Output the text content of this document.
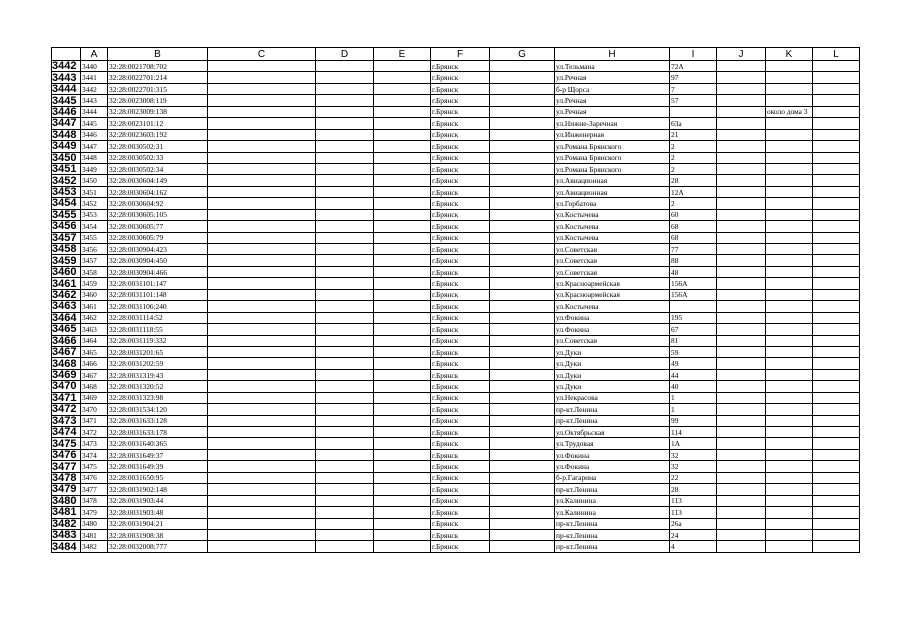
	A	B	C	D	E	F	G	H	I	J	K	L
3442	3440	32:28:0021708:702				г.Брянск		ул.Тельмана	72А			
3443	3441	32:28:0022701:214				г.Брянск		ул.Речная	97			
3444	3442	32:28:0022701:315				г.Брянск		б-р Щорса	7			
3445	3443	32:28:0023008:119				г.Брянск		ул.Речная	57			
3446	3444	32:28:0023009:138				г.Брянск		ул.Речная			около дома 3	
3447	3445	32:28:0023101:12				г.Брянск		ул.Нижне-Заречная	63а			
3448	3446	32:28:0023603:192				г.Брянск		ул.Инженерная	21			
3449	3447	32:28:0030502:31				г.Брянск		ул.Романа Брянского	2			
3450	3448	32:28:0030502:33				г.Брянск		ул.Романа Брянского	2			
3451	3449	32:28:0030502:34				г.Брянск		ул.Романа Брянского	2			
3452	3450	32:28:0030604:149				г.Брянск		ул.Авиационная	28			
3453	3451	32:28:0030604:162				г.Брянск		ул.Авиационная	12А			
3454	3452	32:28:0030604:92				г.Брянск		ул.Горбатова	2			
3455	3453	32:28:0030605:105				г.Брянск		ул.Костычева	60			
3456	3454	32:28:0030605:77				г.Брянск		ул.Костычева	68			
3457	3455	32:28:0030605:79				г.Брянск		ул.Костычева	68			
3458	3456	32:28:0030904:423				г.Брянск		ул.Советская	77			
3459	3457	32:28:0030904:450				г.Брянск		ул.Советская	88			
3460	3458	32:28:0030904:466				г.Брянск		ул.Советская	48			
3461	3459	32:28:0031101:147				г.Брянск		ул.Красноармейская	156А			
3462	3460	32:28:0031101:148				г.Брянск		ул.Красноармейская	156А			
3463	3461	32:28:0031106:240				г.Брянск		ул.Костычева				
3464	3462	32:28:0031114:52				г.Брянск		ул.Фокина	195			
3465	3463	32:28:0031118:55				г.Брянск		ул.Фокина	67			
3466	3464	32:28:0031119:332				г.Брянск		ул.Советская	81			
3467	3465	32:28:0031201:65				г.Брянск		ул.Дуки	59			
3468	3466	32:28:0031202:59				г.Брянск		ул.Дуки	49			
3469	3467	32:28:0031319:43				г.Брянск		ул.Дуки	44			
3470	3468	32:28:0031320:52				г.Брянск		ул.Дуки	40			
3471	3469	32:28:0031323:98				г.Брянск		ул.Некрасова	1			
3472	3470	32:28:0031534:120				г.Брянск		пр-кт.Ленина	1			
3473	3471	32:28:0031633:128				г.Брянск		пр-кт.Ленина	99			
3474	3472	32:28:0031633:178				г.Брянск		ул.Октябрьская	114			
3475	3473	32:28:0031640:365				г.Брянск		ул.Трудовая	1А			
3476	3474	32:28:0031649:37				г.Брянск		ул.Фокина	32			
3477	3475	32:28:0031649:39				г.Брянск		ул.Фокина	32			
3478	3476	32:28:0031650:95				г.Брянск		б-р.Гагарина	22			
3479	3477	32:28:0031902:148				г.Брянск		пр-кт.Ленина	28			
3480	3478	32:28:0031903:44				г.Брянск		ул.Калинина	113			
3481	3479	32:28:0031903:48				г.Брянск		ул.Калинина	113			
3482	3480	32:28:0031904:21				г.Брянск		пр-кт.Ленина	26а			
3483	3481	32:28:0031908:38				г.Брянск		пр-кт.Ленина	24			
3484	3482	32:28:0032008:777				г.Брянск		пр-кт.Ленина	4			
